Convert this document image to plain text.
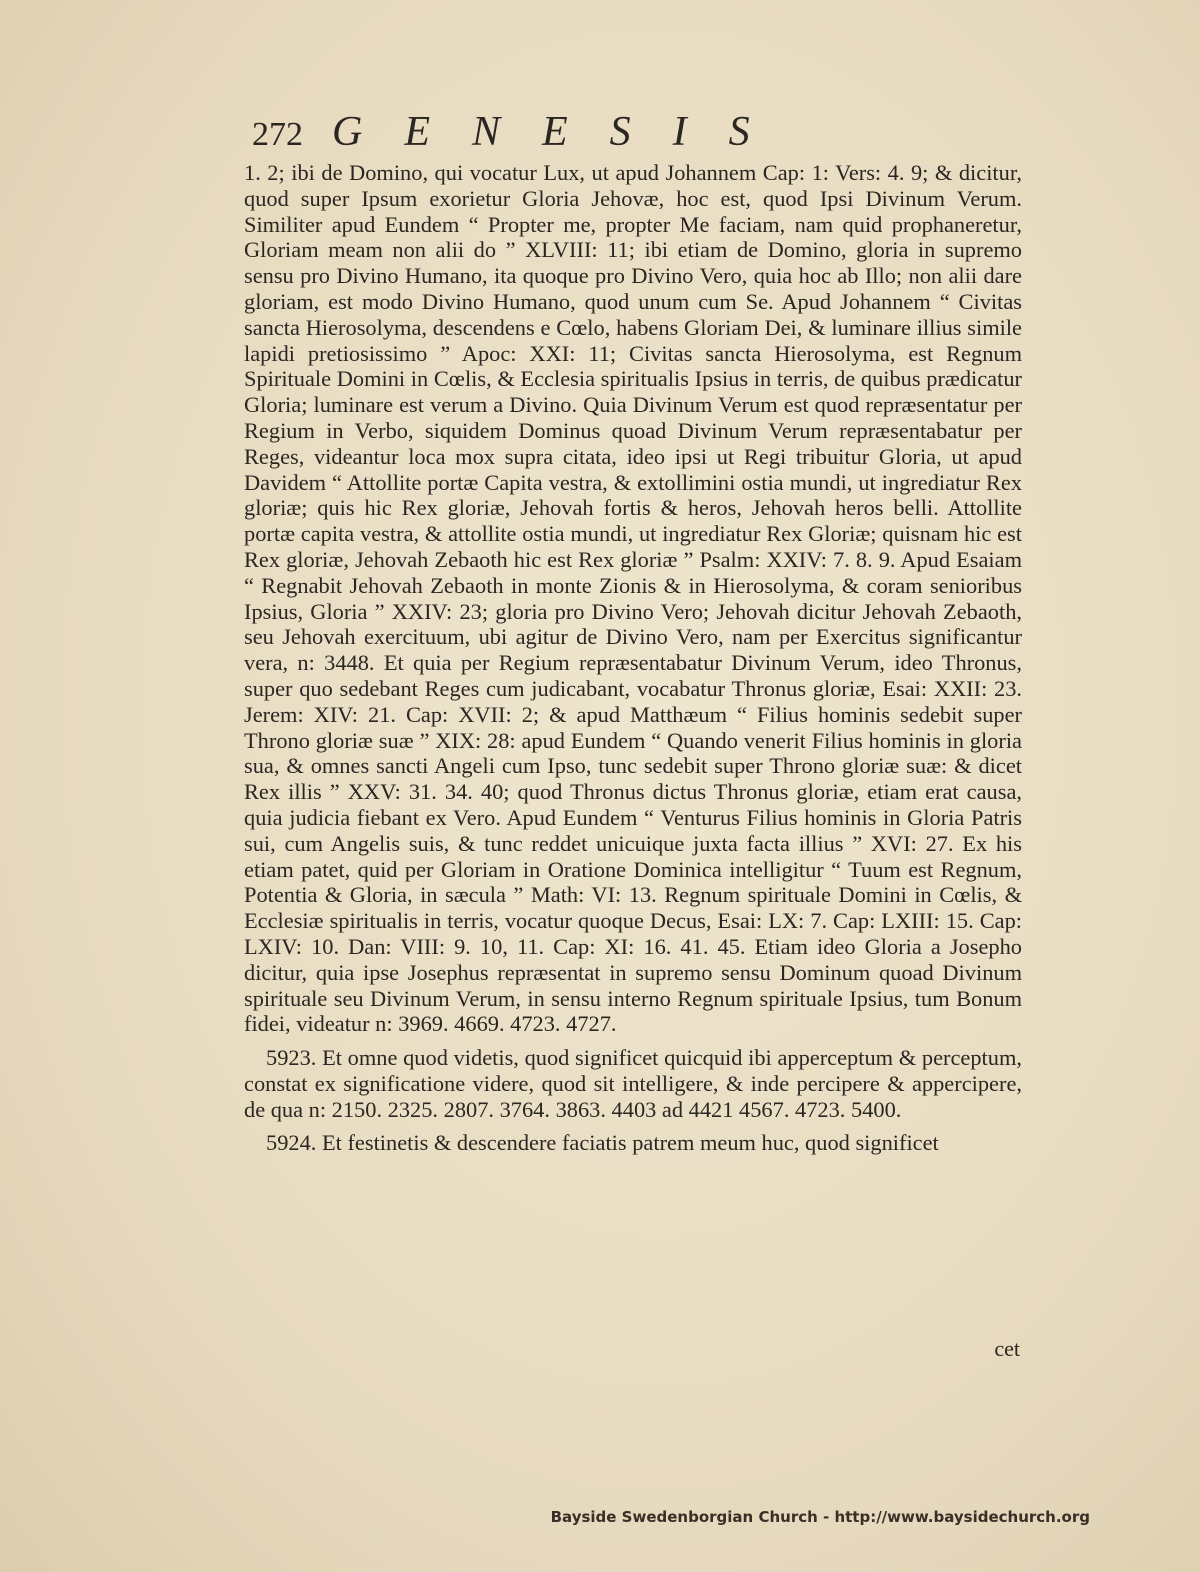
272 GENESIS

1. 2; ibi de Domino, qui vocatur Lux, ut apud Johannem Cap: 1: Vers: 4. 9; & dicitur, quod super Ipsum exorietur Gloria Jehovæ, hoc est, quod Ipsi Divinum Verum. Similiter apud Eundem “ Propter me, propter Me faciam, nam quid prophaneretur, Gloriam meam non alii do ” XLVIII: 11; ibi etiam de Domino, gloria in supremo sensu pro Divino Humano, ita quoque pro Divino Vero, quia hoc ab Illo; non alii dare gloriam, est modo Divino Humano, quod unum cum Se. Apud Johannem “ Civitas sancta Hierosolyma, descendens e Cœlo, habens Gloriam Dei, & luminare illius simile lapidi pretiosissimo ” Apoc: XXI: 11; Civitas sancta Hierosolyma, est Regnum Spirituale Domini in Cœlis, & Ecclesia spiritualis Ipsius in terris, de quibus prædicatur Gloria; luminare est verum a Divino. Quia Divinum Verum est quod repræsentatur per Regium in Verbo, siquidem Dominus quoad Divinum Verum repræsentabatur per Reges, videantur loca mox supra citata, ideo ipsi ut Regi tribuitur Gloria, ut apud Davidem “ Attollite portæ Capita vestra, & extollimini ostia mundi, ut ingrediatur Rex gloriæ; quis hic Rex gloriæ, Jehovah fortis & heros, Jehovah heros belli. Attollite portæ capita vestra, & attollite ostia mundi, ut ingrediatur Rex Gloriæ; quisnam hic est Rex gloriæ, Jehovah Zebaoth hic est Rex gloriæ ” Psalm: XXIV: 7. 8. 9. Apud Esaiam “ Regnabit Jehovah Zebaoth in monte Zionis & in Hierosolyma, & coram senioribus Ipsius, Gloria ” XXIV: 23; gloria pro Divino Vero; Jehovah dicitur Jehovah Zebaoth, seu Jehovah exercituum, ubi agitur de Divino Vero, nam per Exercitus significantur vera, n: 3448. Et quia per Regium repræsentabatur Divinum Verum, ideo Thronus, super quo sedebant Reges cum judicabant, vocabatur Thronus gloriæ, Esai: XXII: 23. Jerem: XIV: 21. Cap: XVII: 2; & apud Matthæum “ Filius hominis sedebit super Throno gloriæ suæ ” XIX: 28: apud Eundem “ Quando venerit Filius hominis in gloria sua, & omnes sancti Angeli cum Ipso, tunc sedebit super Throno gloriæ suæ: & dicet Rex illis ” XXV: 31. 34. 40; quod Thronus dictus Thronus gloriæ, etiam erat causa, quia judicia fiebant ex Vero. Apud Eundem “ Venturus Filius hominis in Gloria Patris sui, cum Angelis suis, & tunc reddet unicuique juxta facta illius ” XVI: 27. Ex his etiam patet, quid per Gloriam in Oratione Dominica intelligitur “ Tuum est Regnum, Potentia & Gloria, in sæcula ” Math: VI: 13. Regnum spirituale Domini in Cœlis, & Ecclesiæ spiritualis in terris, vocatur quoque Decus, Esai: LX: 7. Cap: LXIII: 15. Cap: LXIV: 10. Dan: VIII: 9. 10, 11. Cap: XI: 16. 41. 45. Etiam ideo Gloria a Josepho dicitur, quia ipse Josephus repræsentat in supremo sensu Dominum quoad Divinum spirituale seu Divinum Verum, in sensu interno Regnum spirituale Ipsius, tum Bonum fidei, videatur n: 3969. 4669. 4723. 4727.

5923. Et omne quod videtis, quod significet quicquid ibi apperceptum & perceptum, constat ex significatione videre, quod sit intelligere, & inde percipere & appercipere, de qua n: 2150. 2325. 2807. 3764. 3863. 4403 ad 4421 4567. 4723. 5400.

5924. Et festinetis & descendere faciatis patrem meum huc, quod significet

cet
Bayside Swedenborgian Church - http://www.baysidechurch.org
